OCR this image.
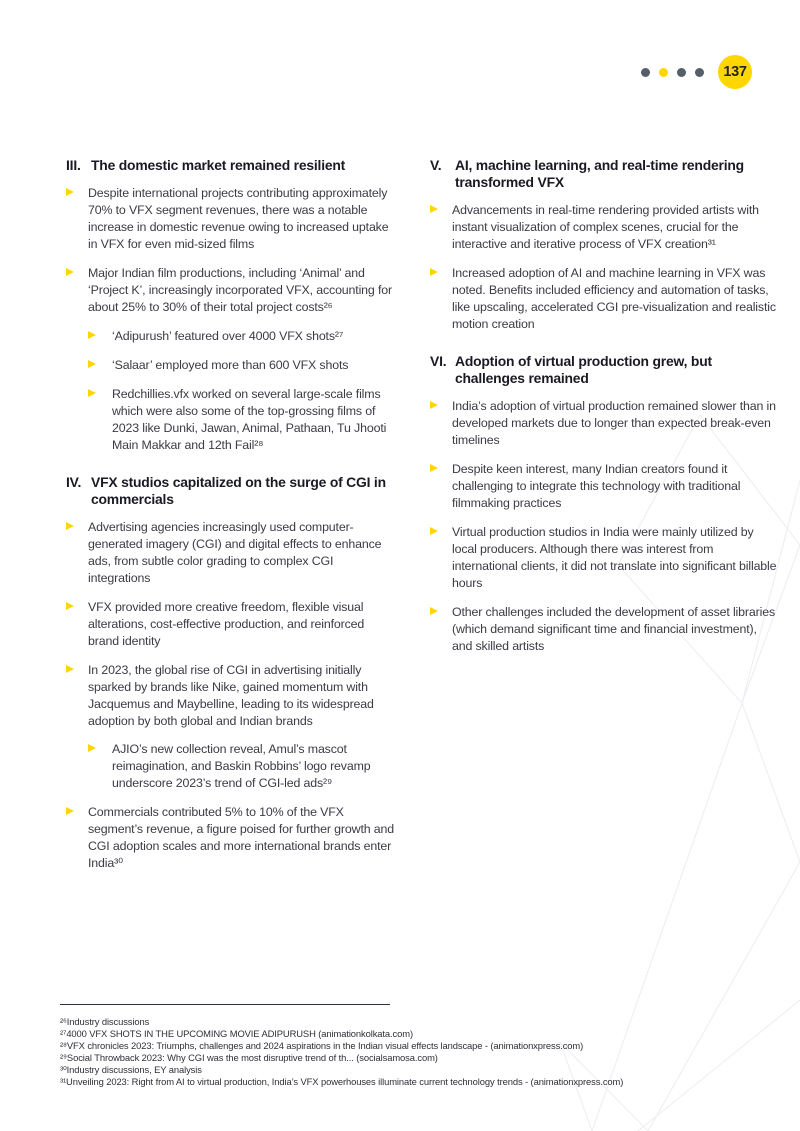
137
III. The domestic market remained resilient
Despite international projects contributing approximately 70% to VFX segment revenues, there was a notable increase in domestic revenue owing to increased uptake in VFX for even mid-sized films
Major Indian film productions, including ‘Animal’ and ‘Project K’, increasingly incorporated VFX, accounting for about 25% to 30% of their total project costs²⁶
‘Adipurush’ featured over 4000 VFX shots²⁷
‘Salaar’ employed more than 600 VFX shots
Redchillies.vfx worked on several large-scale films which were also some of the top-grossing films of 2023 like Dunki, Jawan, Animal, Pathaan, Tu Jhooti Main Makkar and 12th Fail²⁸
IV. VFX studios capitalized on the surge of CGI in commercials
Advertising agencies increasingly used computer-generated imagery (CGI) and digital effects to enhance ads, from subtle color grading to complex CGI integrations
VFX provided more creative freedom, flexible visual alterations, cost-effective production, and reinforced brand identity
In 2023, the global rise of CGI in advertising initially sparked by brands like Nike, gained momentum with Jacquemus and Maybelline, leading to its widespread adoption by both global and Indian brands
AJIO’s new collection reveal, Amul’s mascot reimagination, and Baskin Robbins’ logo revamp underscore 2023’s trend of CGI-led ads²⁹
Commercials contributed 5% to 10% of the VFX segment’s revenue, a figure poised for further growth and CGI adoption scales and more international brands enter India³⁰
V. AI, machine learning, and real-time rendering transformed VFX
Advancements in real-time rendering provided artists with instant visualization of complex scenes, crucial for the interactive and iterative process of VFX creation³¹
Increased adoption of AI and machine learning in VFX was noted. Benefits included efficiency and automation of tasks, like upscaling, accelerated CGI pre-visualization and realistic motion creation
VI. Adoption of virtual production grew, but challenges remained
India’s adoption of virtual production remained slower than in developed markets due to longer than expected break-even timelines
Despite keen interest, many Indian creators found it challenging to integrate this technology with traditional filmmaking practices
Virtual production studios in India were mainly utilized by local producers. Although there was interest from international clients, it did not translate into significant billable hours
Other challenges included the development of asset libraries (which demand significant time and financial investment), and skilled artists
²⁶Industry discussions
²⁷4000 VFX SHOTS IN THE UPCOMING MOVIE ADIPURUSH (animationkolkata.com)
²⁸VFX chronicles 2023: Triumphs, challenges and 2024 aspirations in the Indian visual effects landscape - (animationxpress.com)
²⁹Social Throwback 2023: Why CGI was the most disruptive trend of th... (socialsamosa.com)
³⁰Industry discussions, EY analysis
³¹Unveiling 2023: Right from AI to virtual production, India’s VFX powerhouses illuminate current technology trends - (animationxpress.com)
